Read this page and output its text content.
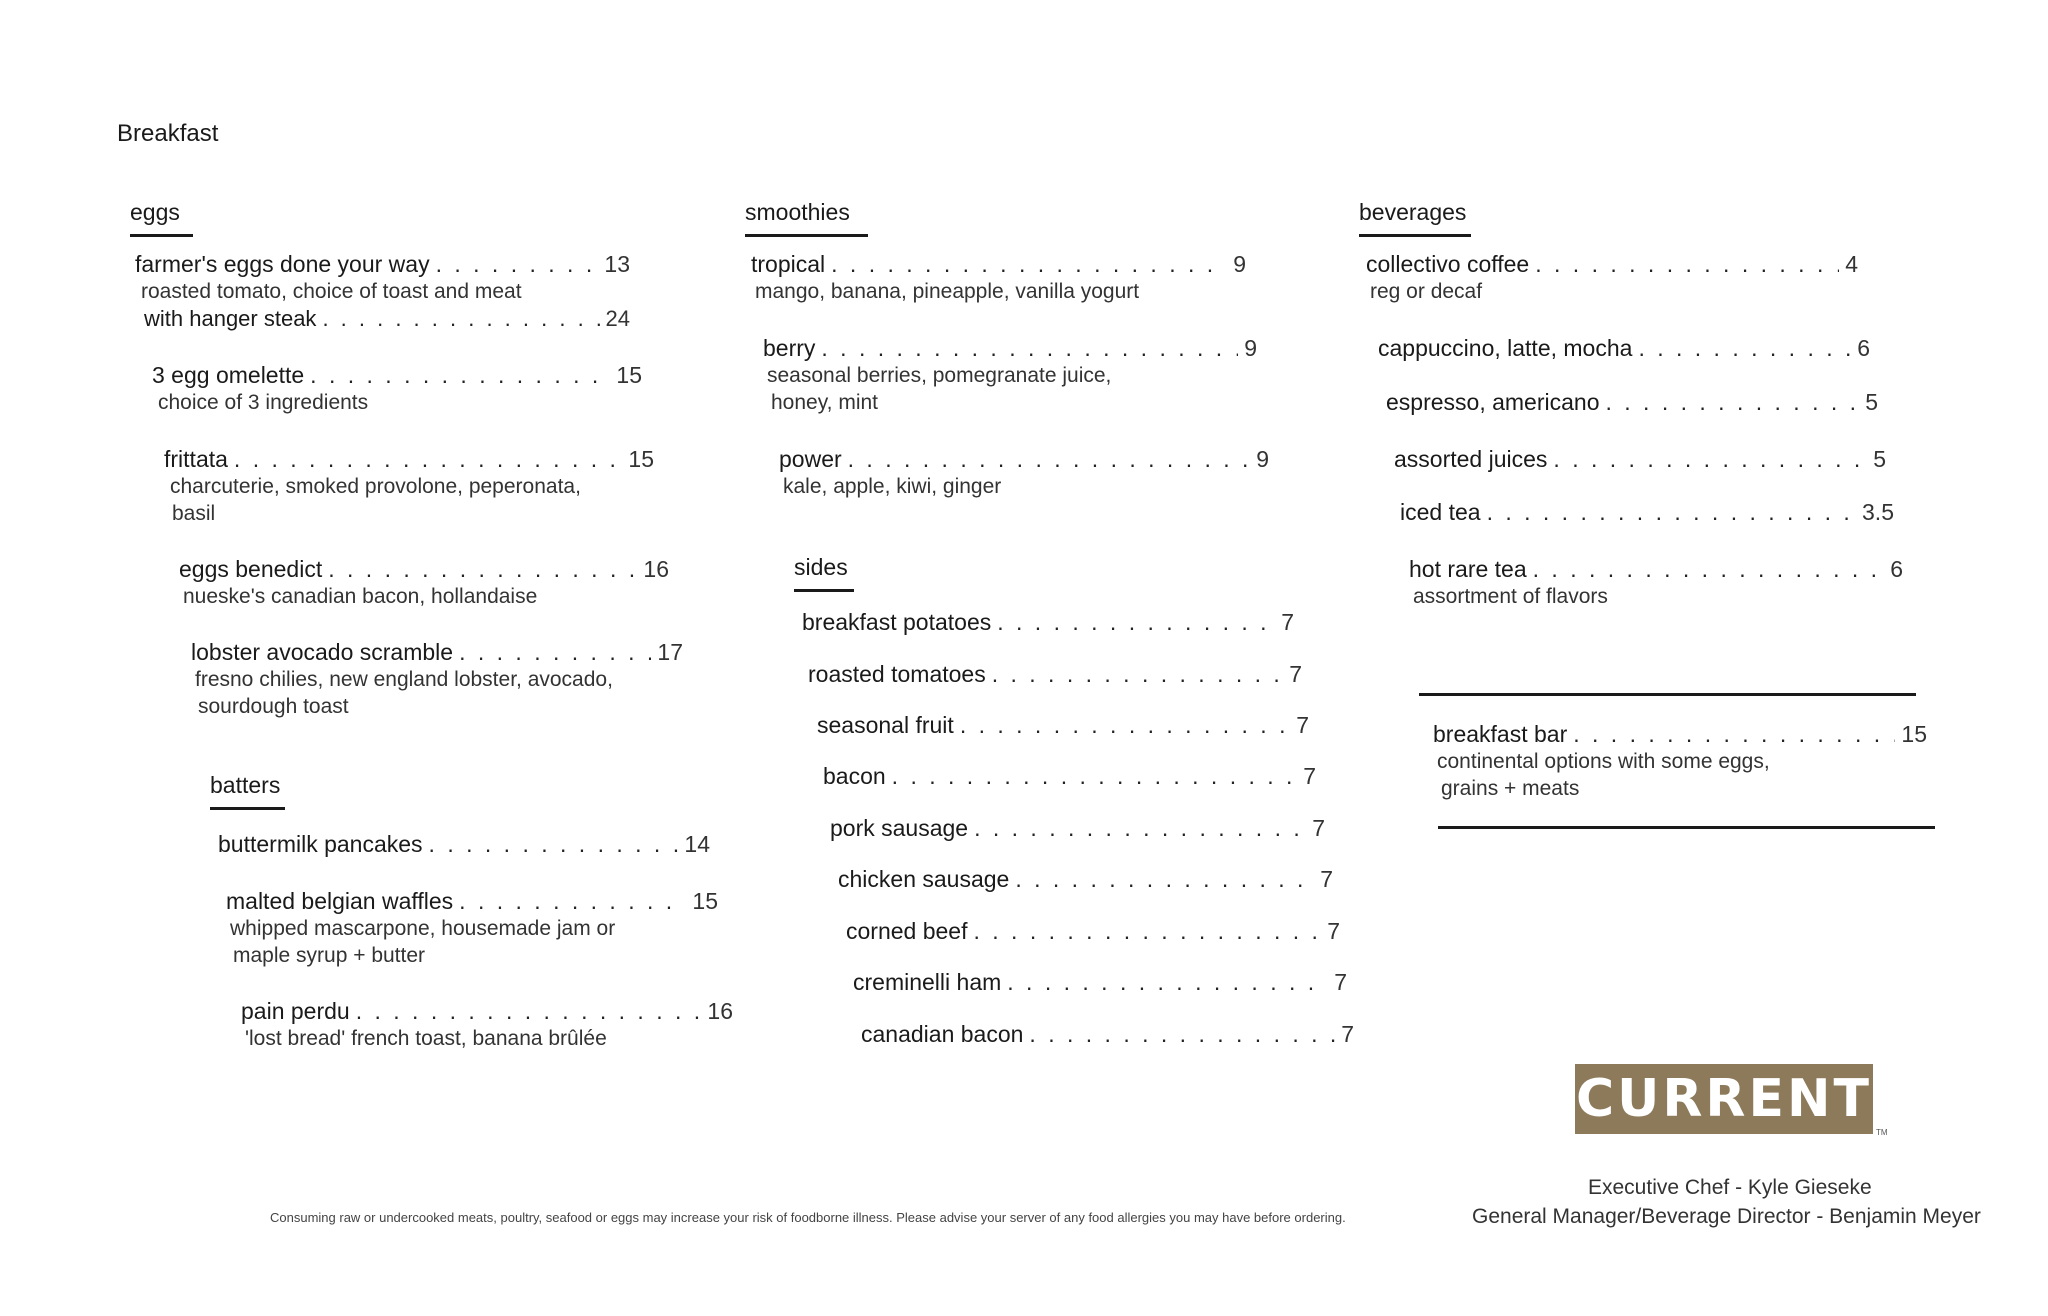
Breakfast
eggs
farmer's eggs done your way . . .	13
roasted tomato, choice of toast and meat
with hanger steak . . .	24
3 egg omelette . . .	15
choice of 3 ingredients
frittata . . .	15
charcuterie, smoked provolone, peperonata,
basil
eggs benedict . . .	16
nueske's canadian bacon, hollandaise
lobster avocado scramble . . .	17
fresno chilies, new england lobster, avocado,
sourdough toast
batters
buttermilk pancakes . . .	14
malted belgian waffles . . .	15
whipped mascarpone, housemade jam or
maple syrup + butter
pain perdu . . .	16
'lost bread' french toast, banana brûlée
smoothies
tropical . . .	9
mango, banana, pineapple, vanilla yogurt
berry . . .	9
seasonal berries, pomegranate juice,
honey, mint
power . . .	9
kale, apple, kiwi, ginger
sides
breakfast potatoes . . .	7
roasted tomatoes . . .	7
seasonal fruit . . .	7
bacon . . .	7
pork sausage . . .	7
chicken sausage . . .	7
corned beef . . .	7
creminelli ham . . .	7
canadian bacon . . .	7
beverages
collectivo coffee . . .	4
reg or decaf
cappuccino, latte, mocha . . .	6
espresso, americano . . .	5
assorted juices . . .	5
iced tea . . .	3.5
hot rare tea . . .	6
assortment of flavors
breakfast bar . . .	15
continental options with some eggs,
grains + meats
CURRENT
TM
Executive Chef - Kyle Gieseke
General Manager/Beverage Director - Benjamin Meyer
Consuming raw or undercooked meats, poultry, seafood or eggs may increase your risk of foodborne illness. Please advise your server of any food allergies you may have before ordering.
